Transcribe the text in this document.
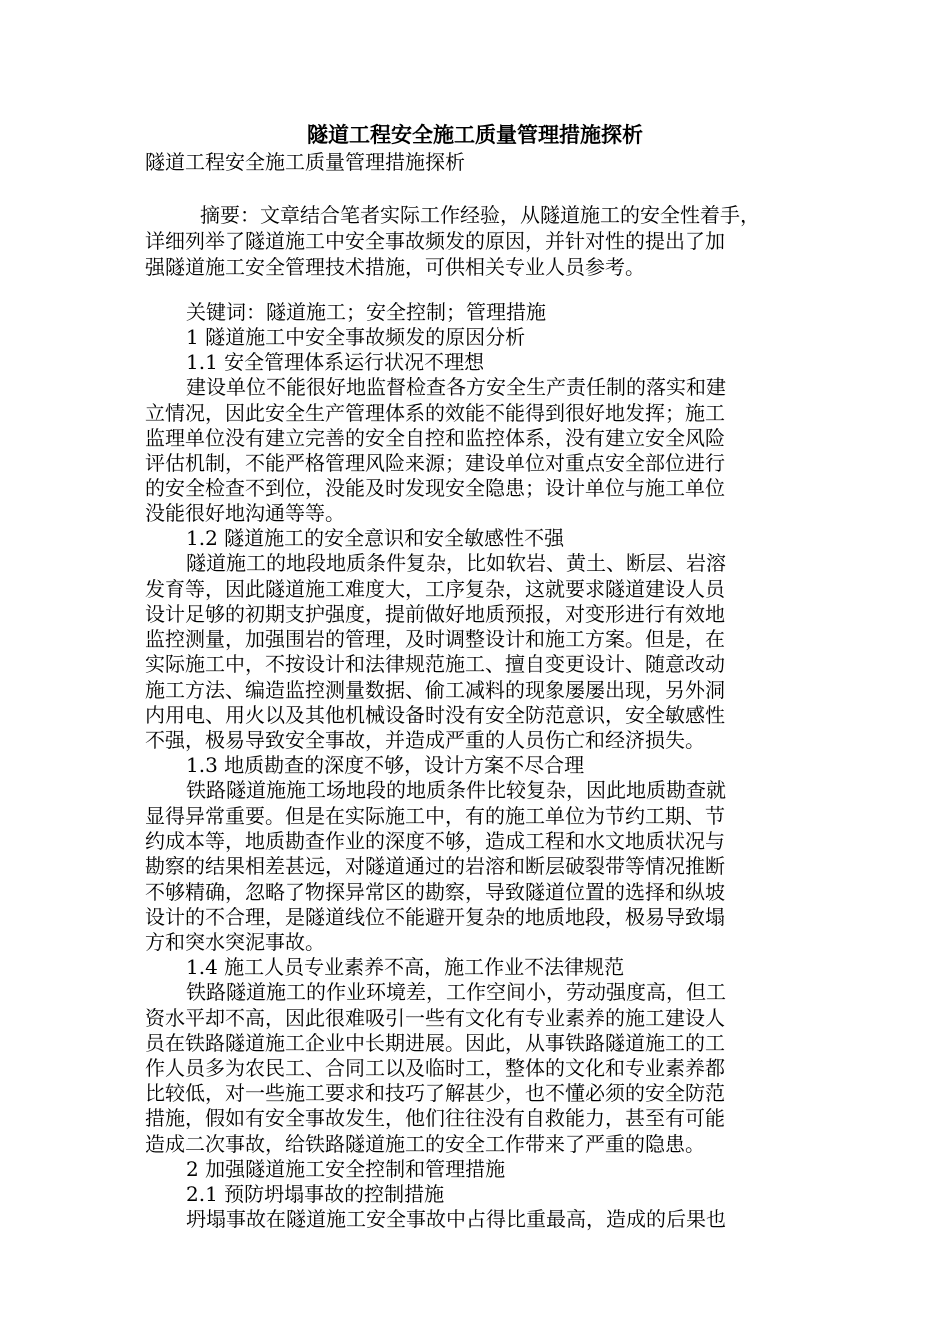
隧道工程安全施工质量管理措施探析
隧道工程安全施工质量管理措施探析
摘要：文章结合笔者实际工作经验，从隧道施工的安全性着手，
详细列举了隧道施工中安全事故频发的原因，并针对性的提出了加
强隧道施工安全管理技术措施，可供相关专业人员参考。
关键词：隧道施工；安全控制；管理措施
1 隧道施工中安全事故频发的原因分析
1.1 安全管理体系运行状况不理想
建设单位不能很好地监督检查各方安全生产责任制的落实和建
立情况，因此安全生产管理体系的效能不能得到很好地发挥；施工
监理单位没有建立完善的安全自控和监控体系，没有建立安全风险
评估机制，不能严格管理风险来源；建设单位对重点安全部位进行
的安全检查不到位，没能及时发现安全隐患；设计单位与施工单位
没能很好地沟通等等。
1.2 隧道施工的安全意识和安全敏感性不强
隧道施工的地段地质条件复杂，比如软岩、黄土、断层、岩溶
发育等，因此隧道施工难度大，工序复杂，这就要求隧道建设人员
设计足够的初期支护强度，提前做好地质预报，对变形进行有效地
监控测量，加强围岩的管理，及时调整设计和施工方案。但是，在
实际施工中，不按设计和法律规范施工、擅自变更设计、随意改动
施工方法、编造监控测量数据、偷工减料的现象屡屡出现，另外洞
内用电、用火以及其他机械设备时没有安全防范意识，安全敏感性
不强，极易导致安全事故，并造成严重的人员伤亡和经济损失。
1.3 地质勘查的深度不够，设计方案不尽合理
铁路隧道施施工场地段的地质条件比较复杂，因此地质勘查就
显得异常重要。但是在实际施工中，有的施工单位为节约工期、节
约成本等，地质勘查作业的深度不够，造成工程和水文地质状况与
勘察的结果相差甚远，对隧道通过的岩溶和断层破裂带等情况推断
不够精确，忽略了物探异常区的勘察，导致隧道位置的选择和纵坡
设计的不合理，是隧道线位不能避开复杂的地质地段，极易导致塌
方和突水突泥事故。
1.4 施工人员专业素养不高，施工作业不法律规范
铁路隧道施工的作业环境差，工作空间小，劳动强度高，但工
资水平却不高，因此很难吸引一些有文化有专业素养的施工建设人
员在铁路隧道施工企业中长期进展。因此，从事铁路隧道施工的工
作人员多为农民工、合同工以及临时工，整体的文化和专业素养都
比较低，对一些施工要求和技巧了解甚少，也不懂必须的安全防范
措施，假如有安全事故发生，他们往往没有自救能力，甚至有可能
造成二次事故，给铁路隧道施工的安全工作带来了严重的隐患。
2 加强隧道施工安全控制和管理措施
2.1 预防坍塌事故的控制措施
坍塌事故在隧道施工安全事故中占得比重最高，造成的后果也
